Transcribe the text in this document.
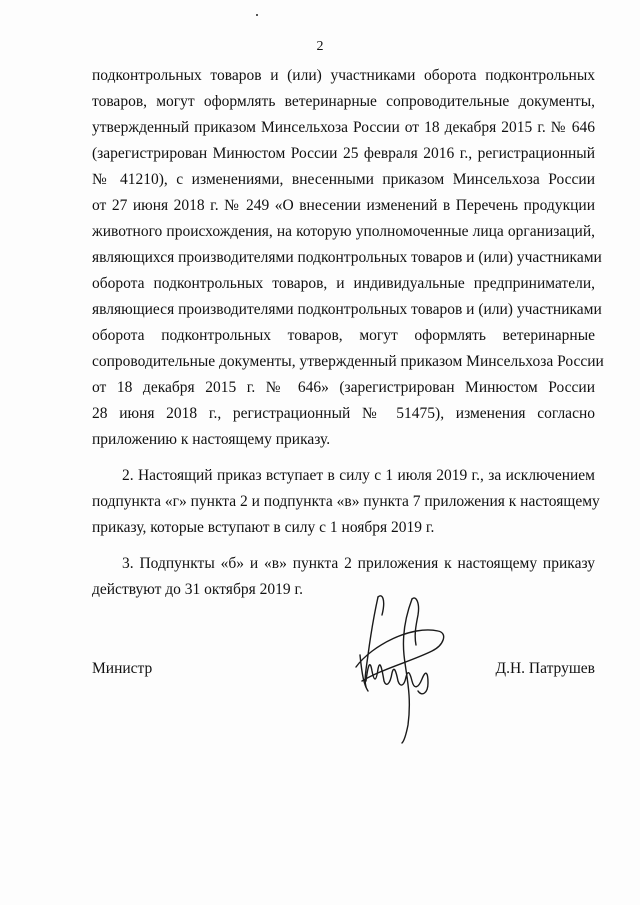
2

подконтрольных товаров и (или) участниками оборота подконтрольных
товаров, могут оформлять ветеринарные сопроводительные документы,
утвержденный приказом Минсельхоза России от 18 декабря 2015 г. № 646
(зарегистрирован Минюстом России 25 февраля 2016 г., регистрационный
№ 41210), с изменениями, внесенными приказом Минсельхоза России
от 27 июня 2018 г. № 249 «О внесении изменений в Перечень продукции
животного происхождения, на которую уполномоченные лица организаций,
являющихся производителями подконтрольных товаров и (или) участниками
оборота подконтрольных товаров, и индивидуальные предприниматели,
являющиеся производителями подконтрольных товаров и (или) участниками
оборота подконтрольных товаров, могут оформлять ветеринарные
сопроводительные документы, утвержденный приказом Минсельхоза России
от 18 декабря 2015 г. № 646» (зарегистрирован Минюстом России
28 июня 2018 г., регистрационный № 51475), изменения согласно
приложению к настоящему приказу.

2. Настоящий приказ вступает в силу с 1 июля 2019 г., за исключением
подпункта «г» пункта 2 и подпункта «в» пункта 7 приложения к настоящему
приказу, которые вступают в силу с 1 ноября 2019 г.

3. Подпункты «б» и «в» пункта 2 приложения к настоящему приказу
действуют до 31 октября 2019 г.

Министр	Д.Н. Патрушев
